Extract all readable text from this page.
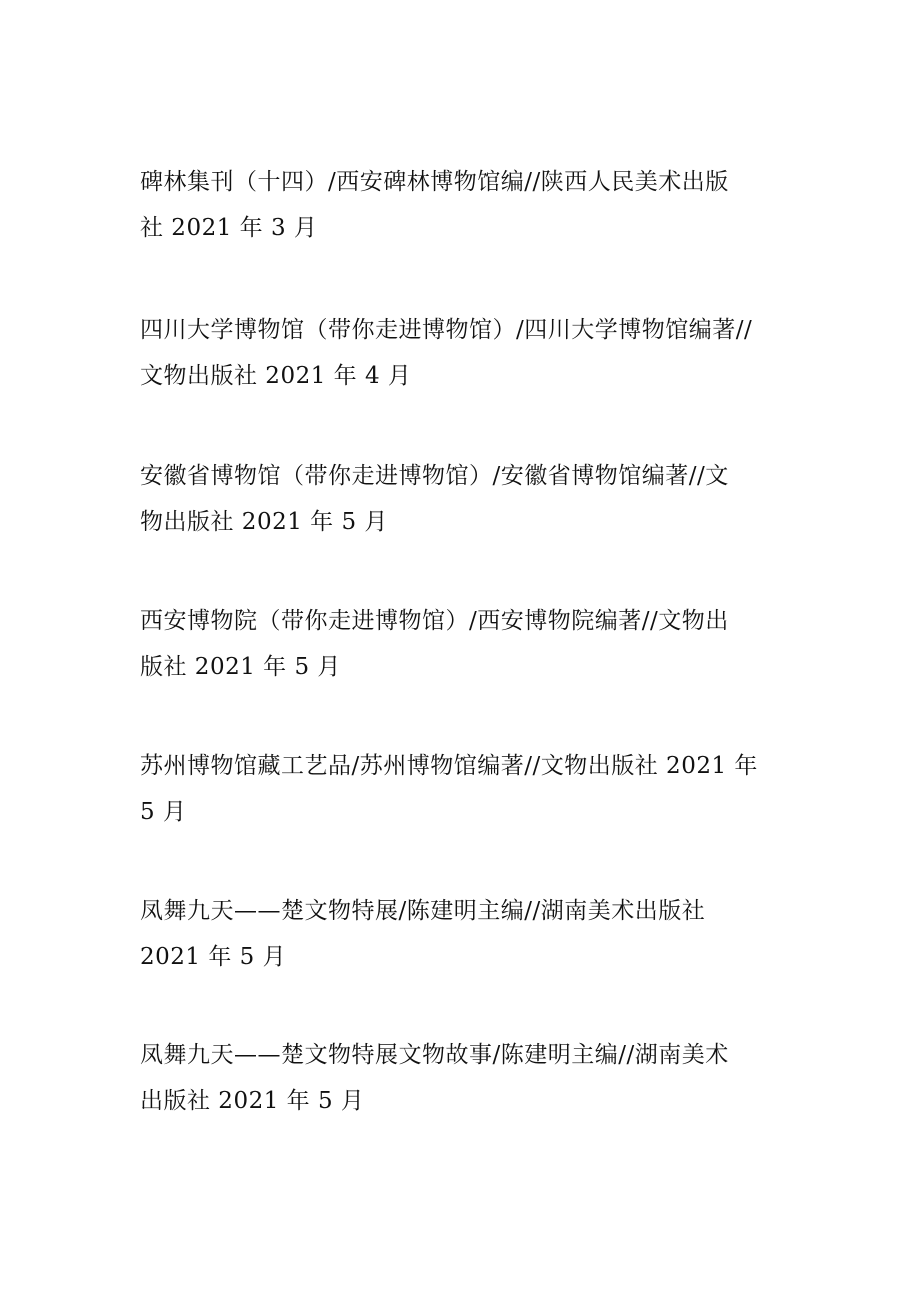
碑林集刊（十四）/西安碑林博物馆编//陕西人民美术出版
社 2021 年 3 月

四川大学博物馆（带你走进博物馆）/四川大学博物馆编著//
文物出版社 2021 年 4 月

安徽省博物馆（带你走进博物馆）/安徽省博物馆编著//文
物出版社 2021 年 5 月

西安博物院（带你走进博物馆）/西安博物院编著//文物出
版社 2021 年 5 月

苏州博物馆藏工艺品/苏州博物馆编著//文物出版社 2021 年
5 月

凤舞九天——楚文物特展/陈建明主编//湖南美术出版社
2021 年 5 月

凤舞九天——楚文物特展文物故事/陈建明主编//湖南美术
出版社 2021 年 5 月
